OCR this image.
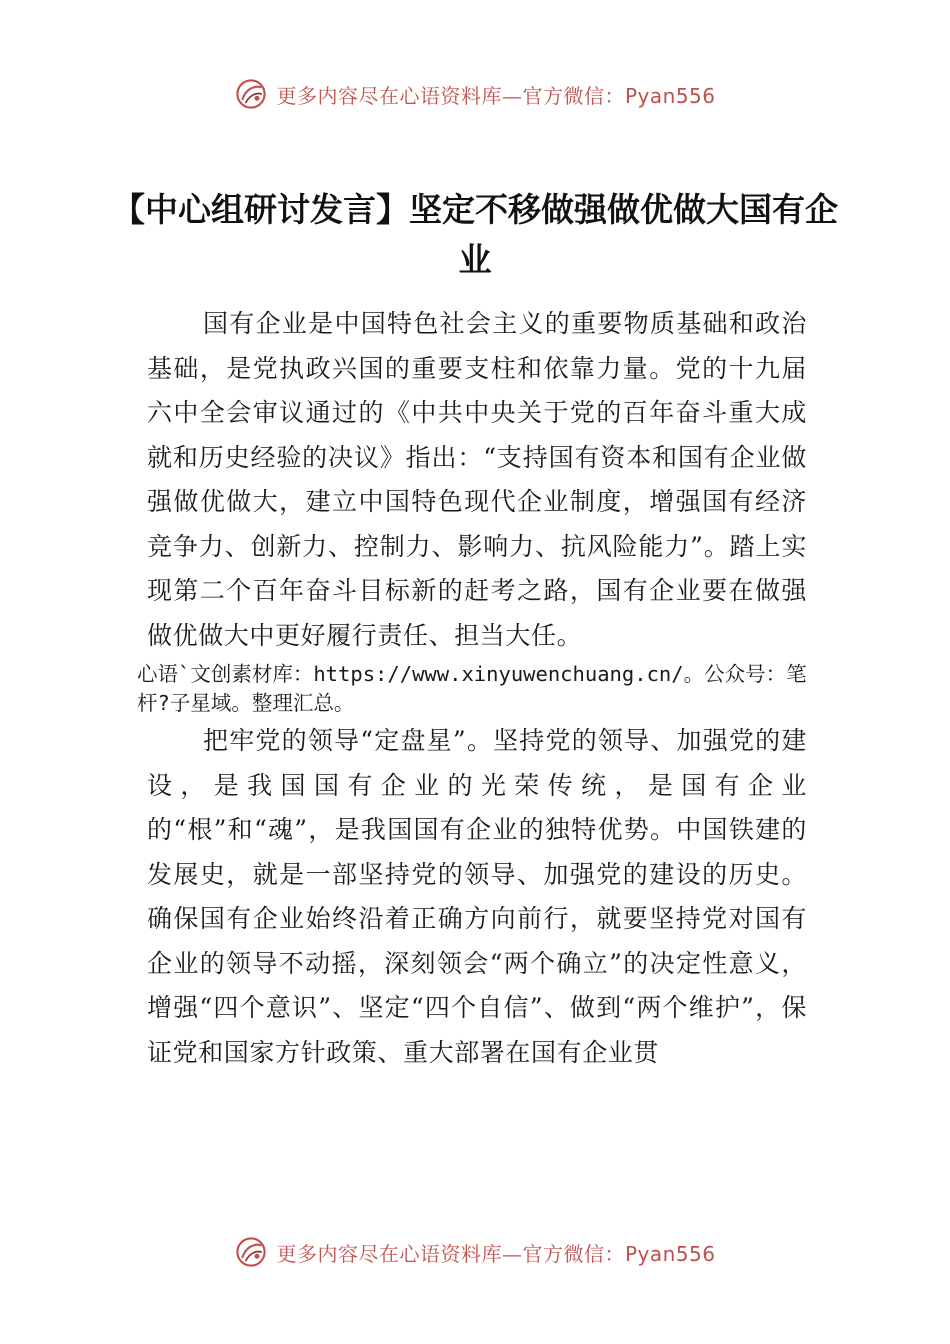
更多内容尽在心语资料库—官方微信：Pyan556
【中心组研讨发言】坚定不移做强做优做大国有企业

国有企业是中国特色社会主义的重要物质基础和政治基础，是党执政兴国的重要支柱和依靠力量。党的十九届六中全会审议通过的《中共中央关于党的百年奋斗重大成就和历史经验的决议》指出：“支持国有资本和国有企业做强做优做大，建立中国特色现代企业制度，增强国有经济竞争力、创新力、控制力、影响力、抗风险能力”。踏上实现第二个百年奋斗目标新的赶考之路，国有企业要在做强做优做大中更好履行责任、担当大任。

心语`文创素材库：https://www.xinyuwenchuang.cn/。公众号：笔杆?子星域。整理汇总。

把牢党的领导“定盘星”。坚持党的领导、加强党的建设，是我国国有企业的光荣传统，是国有企业的“根”和“魂”，是我国国有企业的独特优势。中国铁建的发展史，就是一部坚持党的领导、加强党的建设的历史。确保国有企业始终沿着正确方向前行，就要坚持党对国有企业的领导不动摇，深刻领会“两个确立”的决定性意义，增强“四个意识”、坚定“四个自信”、做到“两个维护”，保证党和国家方针政策、重大部署在国有企业贯

更多内容尽在心语资料库—官方微信：Pyan556
